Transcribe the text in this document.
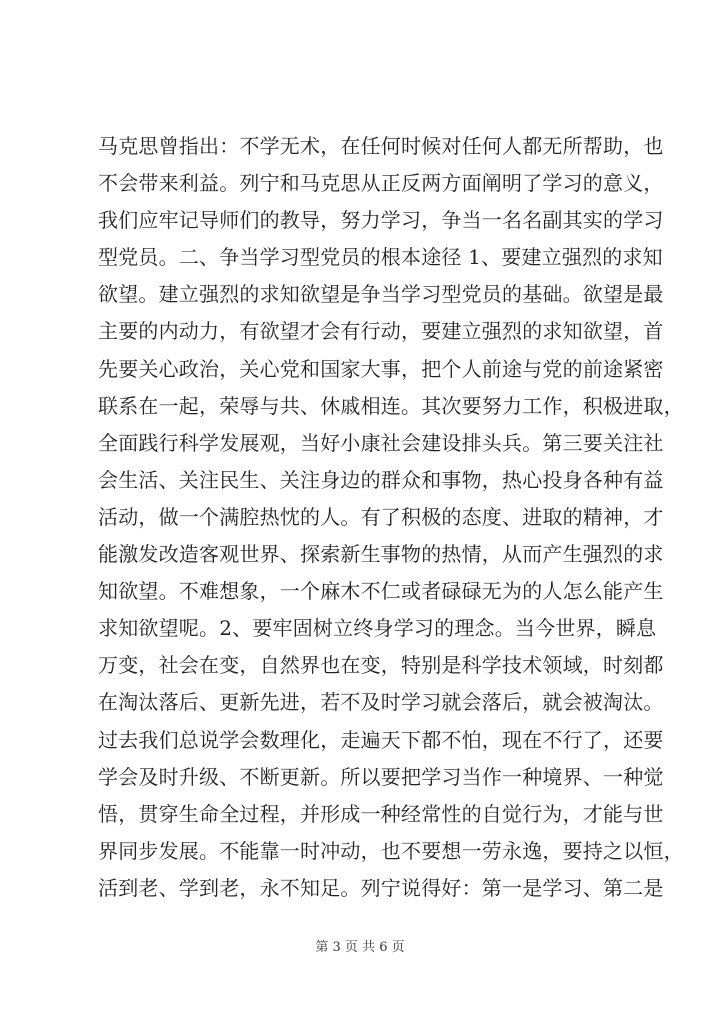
马克思曾指出：不学无术，在任何时候对任何人都无所帮助，也
不会带来利益。列宁和马克思从正反两方面阐明了学习的意义，
我们应牢记导师们的教导，努力学习，争当一名名副其实的学习
型党员。二、争当学习型党员的根本途径 1、要建立强烈的求知
欲望。建立强烈的求知欲望是争当学习型党员的基础。欲望是最
主要的内动力，有欲望才会有行动，要建立强烈的求知欲望，首
先要关心政治，关心党和国家大事，把个人前途与党的前途紧密
联系在一起，荣辱与共、休戚相连。其次要努力工作，积极进取，
全面践行科学发展观，当好小康社会建设排头兵。第三要关注社
会生活、关注民生、关注身边的群众和事物，热心投身各种有益
活动，做一个满腔热忱的人。有了积极的态度、进取的精神，才
能激发改造客观世界、探索新生事物的热情，从而产生强烈的求
知欲望。不难想象，一个麻木不仁或者碌碌无为的人怎么能产生
求知欲望呢。2、要牢固树立终身学习的理念。当今世界，瞬息
万变，社会在变，自然界也在变，特别是科学技术领域，时刻都
在淘汰落后、更新先进，若不及时学习就会落后，就会被淘汰。
过去我们总说学会数理化，走遍天下都不怕，现在不行了，还要
学会及时升级、不断更新。所以要把学习当作一种境界、一种觉
悟，贯穿生命全过程，并形成一种经常性的自觉行为，才能与世
界同步发展。不能靠一时冲动，也不要想一劳永逸，要持之以恒，
活到老、学到老，永不知足。列宁说得好：第一是学习、第二是
第 3 页 共 6 页
